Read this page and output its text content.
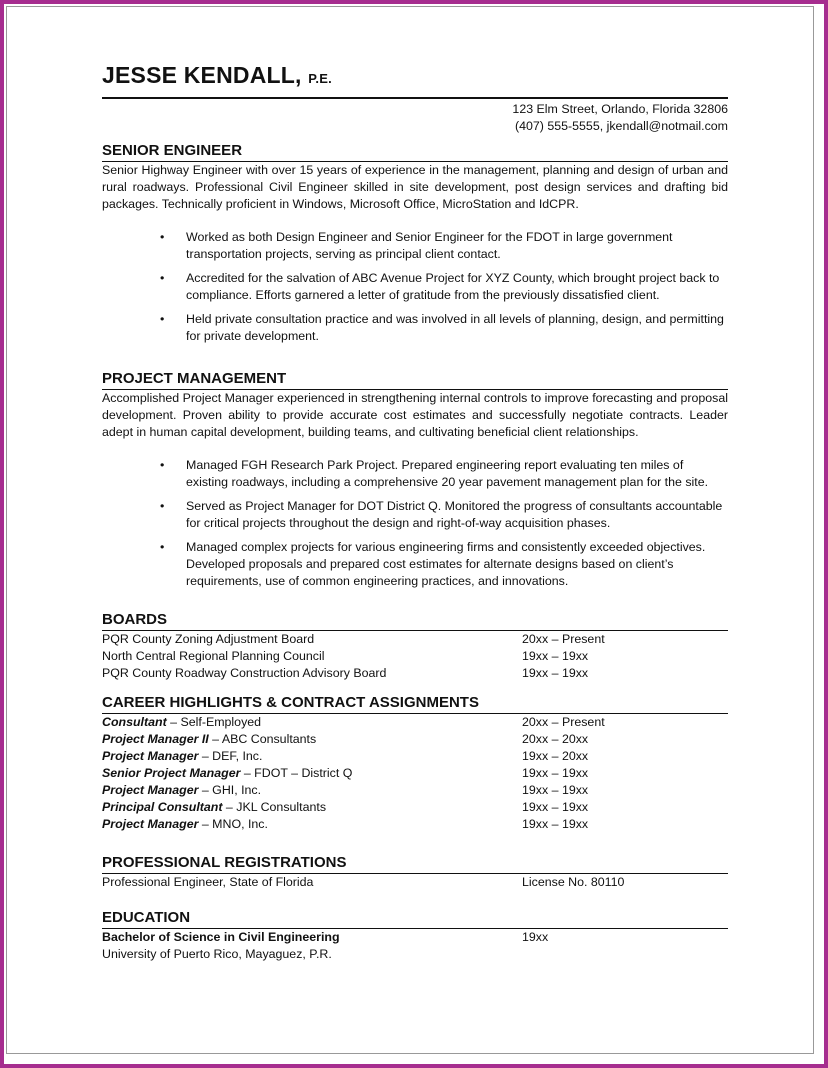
JESSE KENDALL, P.E.
123 Elm Street, Orlando, Florida 32806
(407) 555-5555, jkendall@notmail.com
SENIOR ENGINEER
Senior Highway Engineer with over 15 years of experience in the management, planning and design of urban and rural roadways. Professional Civil Engineer skilled in site development, post design services and drafting bid packages. Technically proficient in Windows, Microsoft Office, MicroStation and IdCPR.
• Worked as both Design Engineer and Senior Engineer for the FDOT in large government transportation projects, serving as principal client contact.
• Accredited for the salvation of ABC Avenue Project for XYZ County, which brought project back to compliance. Efforts garnered a letter of gratitude from the previously dissatisfied client.
• Held private consultation practice and was involved in all levels of planning, design, and permitting for private development.
PROJECT MANAGEMENT
Accomplished Project Manager experienced in strengthening internal controls to improve forecasting and proposal development. Proven ability to provide accurate cost estimates and successfully negotiate contracts. Leader adept in human capital development, building teams, and cultivating beneficial client relationships.
• Managed FGH Research Park Project. Prepared engineering report evaluating ten miles of existing roadways, including a comprehensive 20 year pavement management plan for the site.
• Served as Project Manager for DOT District Q. Monitored the progress of consultants accountable for critical projects throughout the design and right-of-way acquisition phases.
• Managed complex projects for various engineering firms and consistently exceeded objectives. Developed proposals and prepared cost estimates for alternate designs based on client’s requirements, use of common engineering practices, and innovations.
BOARDS
PQR County Zoning Adjustment Board	20xx – Present
North Central Regional Planning Council	19xx – 19xx
PQR County Roadway Construction Advisory Board	19xx – 19xx
CAREER HIGHLIGHTS & CONTRACT ASSIGNMENTS
Consultant – Self-Employed	20xx – Present
Project Manager II – ABC Consultants	20xx – 20xx
Project Manager – DEF, Inc.	19xx – 20xx
Senior Project Manager – FDOT – District Q	19xx – 19xx
Project Manager – GHI, Inc.	19xx – 19xx
Principal Consultant – JKL Consultants	19xx – 19xx
Project Manager – MNO, Inc.	19xx – 19xx
PROFESSIONAL REGISTRATIONS
Professional Engineer, State of Florida	License No. 80110
EDUCATION
Bachelor of Science in Civil Engineering	19xx
University of Puerto Rico, Mayaguez, P.R.
